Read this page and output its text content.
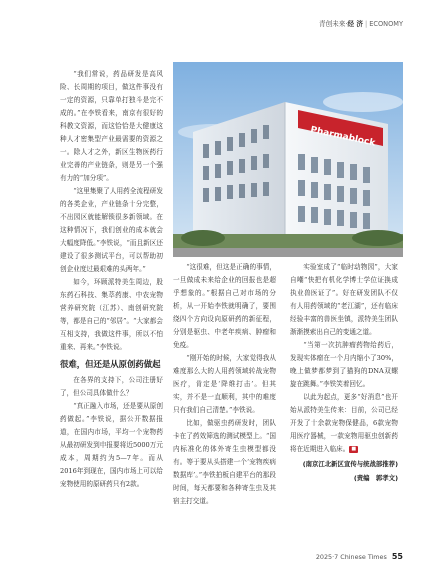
青创未来·经 济 | ECONOMY
Pharmablock

“我们常说，药品研发是高风险、长周期的项目，做这件事没有一定的资源，只靠单打独斗是完不成的。”在李铁看来，南京有很好的科教文资源，而这恰恰是大健康这种人才密集型产业最需要的资源之一。除人才之外，新区生物医药行业完善的产业链条，则是另一个强有力的“加分项”。

“这里集聚了人用药全流程研发的各类企业，产业链条十分完整，不出园区就能解锁很多新领域。在这种情况下，我们创业的成本就会大幅度降低。”李铁说，“而且新区还建设了很多测试平台，可以帮助初创企业度过最艰难的头两年。”

如今，环顾派特美生周边，股东药石科技、集萃药康、中农宠物营养研究院（江苏）、南创研究院等，都是自己的“邻居”。“大家都会互相支持，我做这件事，所以不怕重来、再来。”李铁说。

很难，但还是从原创药做起

在各界的支持下，公司注册好了，但公司具体做什么？

“真正融入市场，还是要从原创药做起。”李铁说，据公开数据报道，在国内市场，平均一个宠物药从最初研发到申报要将近5000万元成本，周期约为5—7年。而从2016年到现在，国内市场上可以给宠物使用的原研药只有2款。

“这很难，但这是正确的事情，一旦做成未来给企业的回报也是超乎想象的。”根据自己对市场的分析，从一开始李铁就明确了，要围绕四个方向设向原研药的新征程，分别是驱虫、中老年疾病、肿瘤和免疫。

“刚开始的时候，大家觉得我从难度那么大的人用药领域转战宠物医疗，肯定是‘降维打击’。但其实，并不是一直顺利，其中的难度只有我们自己清楚。”李铁说。

比如，做驱虫药研发时，团队卡在了药效筛选的测试模型上。“国内标准化的体外寄生虫模型都没有。等于要从头搭建一个‘宠物疾病数据库’。”李铁拍板自建平台的那段时间，每天都要和各种寄生虫及其宿主打交道。

实验室成了“临时动物园”，大家自嘲“快把有机化学博士学位证换成执业兽医证了”。好在研发团队不仅有人用药领域的“老江湖”，还有临床经验丰富的兽医坐镇，派特美生团队渐渐摸索出自己的变通之道。

“当第一次抗肿瘤药物给药后，发现实体瘤在一个月内缩小了30%，晚上做梦都梦到了猫狗的DNA双螺旋在跳舞。”李铁笑着回忆。

以此为起点，更多“好消息”也开始从派特美生传来：目前，公司已经开发了十余款宠物保健品，6款宠物用医疗器械，一款宠物用驱虫创新药将在近期进入临床。 ■

(南京江北新区宣传与统战部推荐)
(责编　郭孝文)
2025·7 Chinese Times 55
